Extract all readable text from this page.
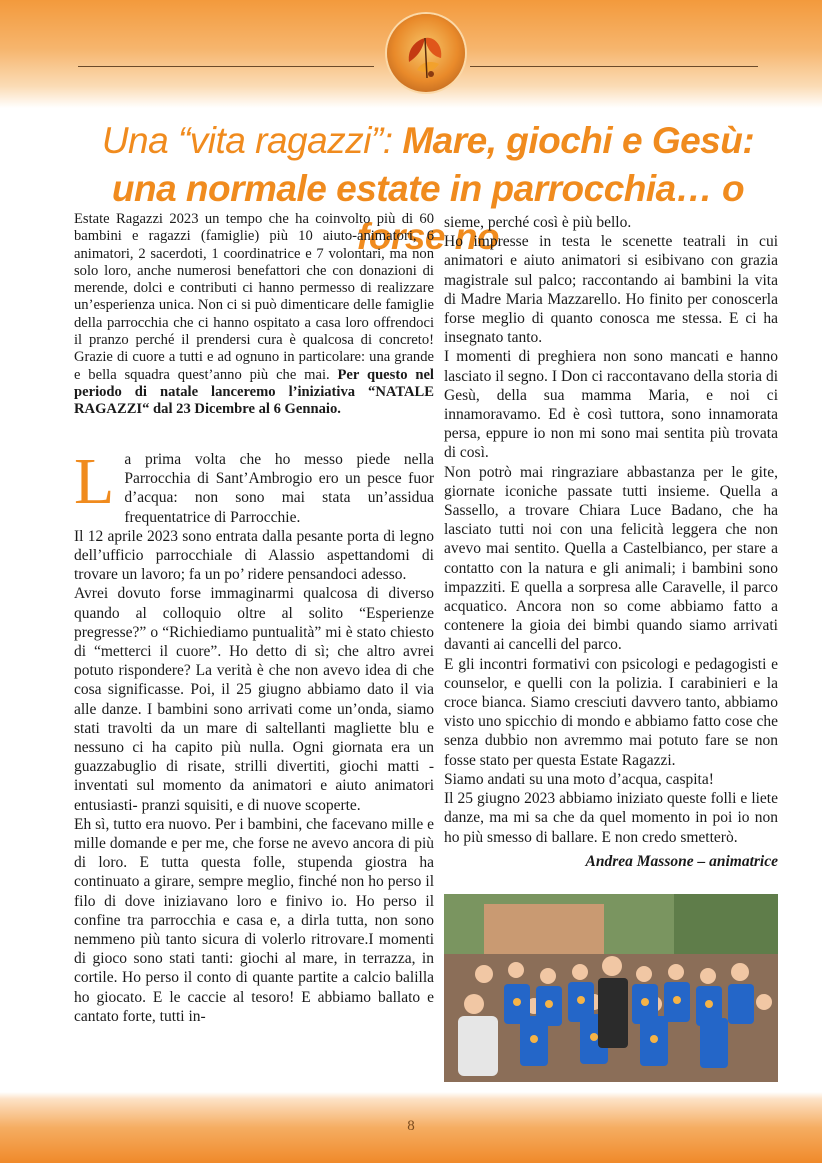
Una “vita ragazzi”: Mare, giochi e Gesù: una normale estate in parrocchia… o forse no

Estate Ragazzi 2023 un tempo che ha coinvolto più di 60 bambini e ragazzi (famiglie) più 10 aiuto-animatori, 6 animatori, 2 sacerdoti, 1 coordinatrice e 7 volontari, ma non solo loro, anche numerosi benefattori che con donazioni di merende, dolci e contributi ci hanno permesso di realizzare un’esperienza unica. Non ci si può dimenticare delle famiglie della parrocchia che ci hanno ospitato a casa loro offrendoci il pranzo perché il prendersi cura è qualcosa di concreto! Grazie di cuore a tutti e ad ognuno in particolare: una grande e bella squadra quest’anno più che mai. Per questo nel periodo di natale lanceremo l’iniziativa “NATALE RAGAZZI“ dal 23 Dicembre al 6 Gennaio.

L a prima volta che ho messo piede nella Parrocchia di Sant’Ambrogio ero un pesce fuor d’acqua: non sono mai stata un’assidua frequentatrice di Parrocchie.

Il 12 aprile 2023 sono entrata dalla pesante porta di legno dell’ufficio parrocchiale di Alassio aspettandomi di trovare un lavoro; fa un po’ ridere pensandoci adesso.

Avrei dovuto forse immaginarmi qualcosa di diverso quando al colloquio oltre al solito “Esperienze pregresse?” o “Richiediamo puntualità” mi è stato chiesto di “metterci il cuore”. Ho detto di sì; che altro avrei potuto rispondere? La verità è che non avevo idea di che cosa significasse. Poi, il 25 giugno abbiamo dato il via alle danze. I bambini sono arrivati come un’onda, siamo stati travolti da un mare di saltellanti magliette blu e nessuno ci ha capito più nulla. Ogni giornata era un guazzabuglio di risate, strilli divertiti, giochi matti -inventati sul momento da animatori e aiuto animatori entusiasti- pranzi squisiti, e di nuove scoperte.

Eh sì, tutto era nuovo. Per i bambini, che facevano mille e mille domande e per me, che forse ne avevo ancora di più di loro. E tutta questa folle, stupenda giostra ha continuato a girare, sempre meglio, finché non ho perso il filo di dove iniziavano loro e finivo io. Ho perso il confine tra parrocchia e casa e, a dirla tutta, non sono nemmeno più tanto sicura di volerlo ritrovare.I momenti di gioco sono stati tanti: giochi al mare, in terrazza, in cortile. Ho perso il conto di quante partite a calcio balilla ho giocato. E le caccie al tesoro! E abbiamo ballato e cantato forte, tutti in-

sieme, perché così è più bello.

Ho impresse in testa le scenette teatrali in cui animatori e aiuto animatori si esibivano con grazia magistrale sul palco; raccontando ai bambini la vita di Madre Maria Mazzarello. Ho finito per conoscerla forse meglio di quanto conosca me stessa. E ci ha insegnato tanto.

I momenti di preghiera non sono mancati e hanno lasciato il segno. I Don ci raccontavano della storia di Gesù, della sua mamma Maria, e noi ci innamoravamo. Ed è così tuttora, sono innamorata persa, eppure io non mi sono mai sentita più trovata di così.

Non potrò mai ringraziare abbastanza per le gite, giornate iconiche passate tutti insieme. Quella a Sassello, a trovare Chiara Luce Badano, che ha lasciato tutti noi con una felicità leggera che non avevo mai sentito. Quella a Castelbianco, per stare a contatto con la natura e gli animali; i bambini sono impazziti. E quella a sorpresa alle Caravelle, il parco acquatico. Ancora non so come abbiamo fatto a contenere la gioia dei bimbi quando siamo arrivati davanti ai cancelli del parco.

E gli incontri formativi con psicologi e pedagogisti e counselor, e quelli con la polizia. I carabinieri e la croce bianca. Siamo cresciuti davvero tanto, abbiamo visto uno spicchio di mondo e abbiamo fatto cose che senza dubbio non avremmo mai potuto fare se non fosse stato per questa Estate Ragazzi.

Siamo andati su una moto d’acqua, caspita!

Il 25 giugno 2023 abbiamo iniziato queste folli e liete danze, ma mi sa che da quel momento in poi io non ho più smesso di ballare. E non credo smetterò.

Andrea Massone – animatrice
8
